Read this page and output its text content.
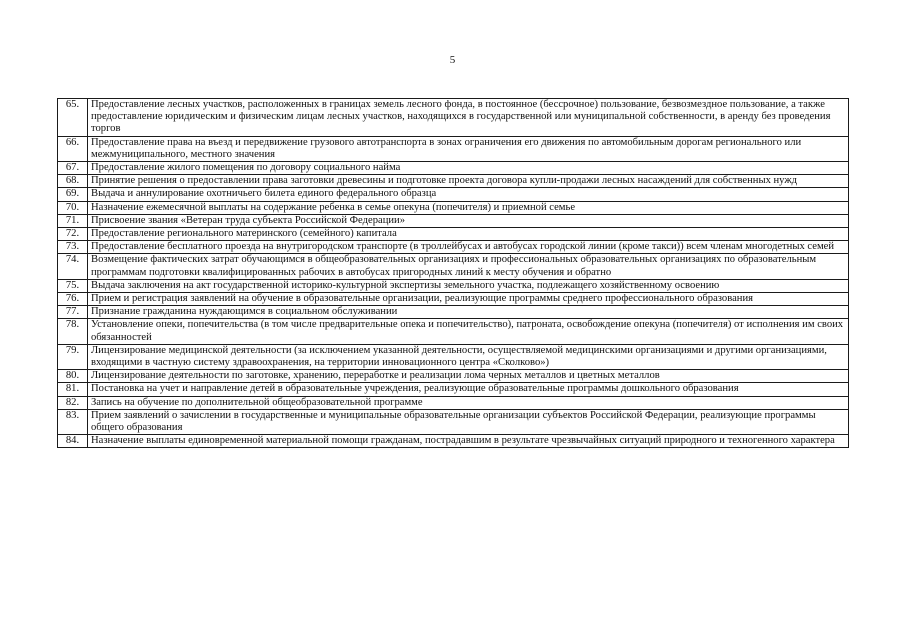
5
65.	Предоставление лесных участков, расположенных в границах земель лесного фонда, в постоянное (бессрочное) пользование, безвозмездное пользование, а также предоставление юридическим и физическим лицам лесных участков, находящихся в государственной или муниципальной собственности, в аренду без проведения торгов
66.	Предоставление права на въезд и передвижение грузового автотранспорта в зонах ограничения его движения по автомобильным дорогам регионального или межмуниципального, местного значения
67.	Предоставление жилого помещения по договору социального найма
68.	Принятие решения о предоставлении права заготовки древесины и подготовке проекта договора купли-продажи лесных насаждений для собственных нужд
69.	Выдача и аннулирование охотничьего билета единого федерального образца
70.	Назначение ежемесячной выплаты на содержание ребенка в семье опекуна (попечителя) и приемной семье
71.	Присвоение звания «Ветеран труда субъекта Российской Федерации»
72.	Предоставление регионального материнского (семейного) капитала
73.	Предоставление бесплатного проезда на внутригородском транспорте (в троллейбусах и автобусах городской линии (кроме такси)) всем членам многодетных семей
74.	Возмещение фактических затрат обучающимся в общеобразовательных организациях и профессиональных образовательных организациях по образовательным программам подготовки квалифицированных рабочих в автобусах пригородных линий к месту обучения и обратно
75.	Выдача заключения на акт государственной историко-культурной экспертизы земельного участка, подлежащего хозяйственному освоению
76.	Прием и регистрация заявлений на обучение в образовательные организации, реализующие программы среднего профессионального образования
77.	Признание гражданина нуждающимся в социальном обслуживании
78.	Установление опеки, попечительства (в том числе предварительные опека и попечительство), патроната, освобождение опекуна (попечителя) от исполнения им своих обязанностей
79.	Лицензирование медицинской деятельности (за исключением указанной деятельности, осуществляемой медицинскими организациями и другими организациями, входящими в частную систему здравоохранения, на территории инновационного центра «Сколково»)
80.	Лицензирование деятельности по заготовке, хранению, переработке и реализации лома черных металлов и цветных металлов
81.	Постановка на учет и направление детей в образовательные учреждения, реализующие образовательные программы дошкольного образования
82.	Запись на обучение по дополнительной общеобразовательной программе
83.	Прием заявлений о зачислении в государственные и муниципальные образовательные организации субъектов Российской Федерации, реализующие программы общего образования
84.	Назначение выплаты единовременной материальной помощи гражданам, пострадавшим в результате чрезвычайных ситуаций природного и техногенного характера
